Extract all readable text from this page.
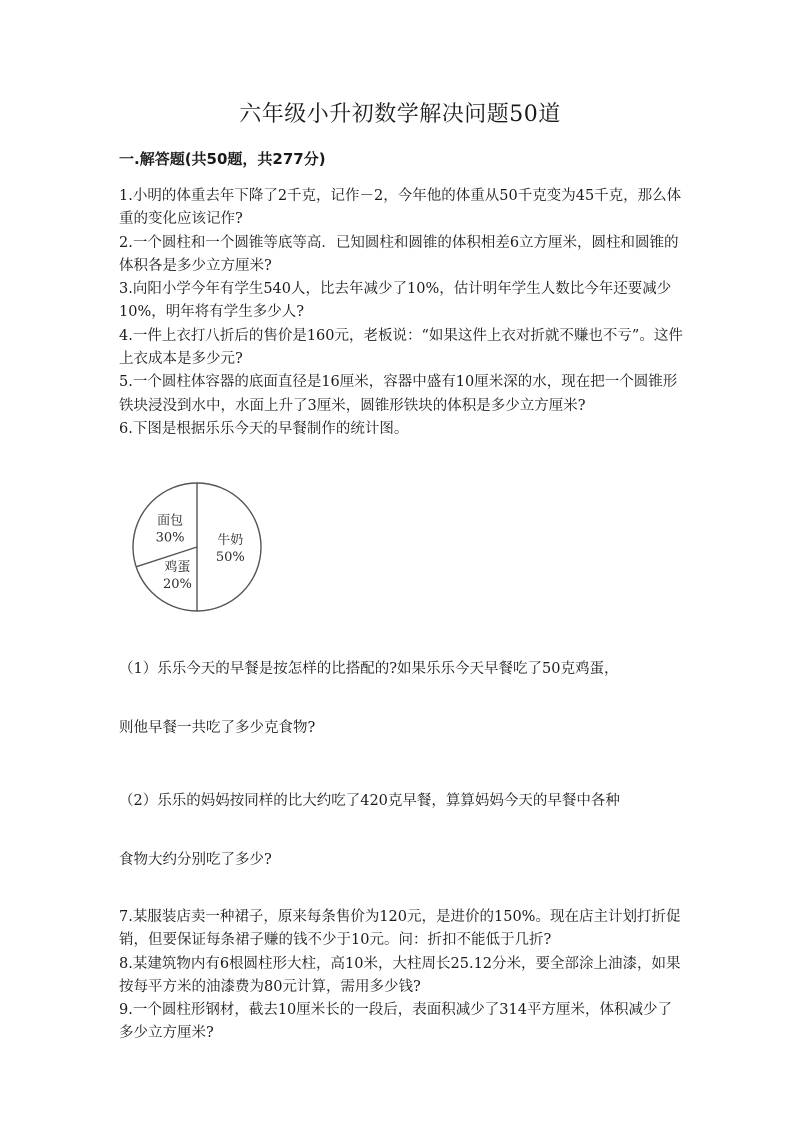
六年级小升初数学解决问题50道
一.解答题(共50题，共277分)

1.小明的体重去年下降了2千克，记作－2，今年他的体重从50千克变为45千克，那么体重的变化应该记作?

2.一个圆柱和一个圆锥等底等高．已知圆柱和圆锥的体积相差6立方厘米，圆柱和圆锥的体积各是多少立方厘米?

3.向阳小学今年有学生540人，比去年减少了10%，估计明年学生人数比今年还要减少10%，明年将有学生多少人?

4.一件上衣打八折后的售价是160元，老板说：“如果这件上衣对折就不赚也不亏”。这件上衣成本是多少元?

5.一个圆柱体容器的底面直径是16厘米，容器中盛有10厘米深的水，现在把一个圆锥形铁块浸没到水中，水面上升了3厘米，圆锥形铁块的体积是多少立方厘米?

6.下图是根据乐乐今天的早餐制作的统计图。

牛奶
50%
鸡蛋
20%
面包
30%
（1）乐乐今天的早餐是按怎样的比搭配的?如果乐乐今天早餐吃了50克鸡蛋，
则他早餐一共吃了多少克食物?
（2）乐乐的妈妈按同样的比大约吃了420克早餐，算算妈妈今天的早餐中各种
食物大约分别吃了多少?

7.某服装店卖一种裙子，原来每条售价为120元，是进价的150%。现在店主计划打折促销，但要保证每条裙子赚的钱不少于10元。问：折扣不能低于几折?

8.某建筑物内有6根圆柱形大柱，高10米，大柱周长25.12分米，要全部涂上油漆，如果按每平方米的油漆费为80元计算，需用多少钱?

9.一个圆柱形钢材，截去10厘米长的一段后，表面积减少了314平方厘米，体积减少了多少立方厘米?
